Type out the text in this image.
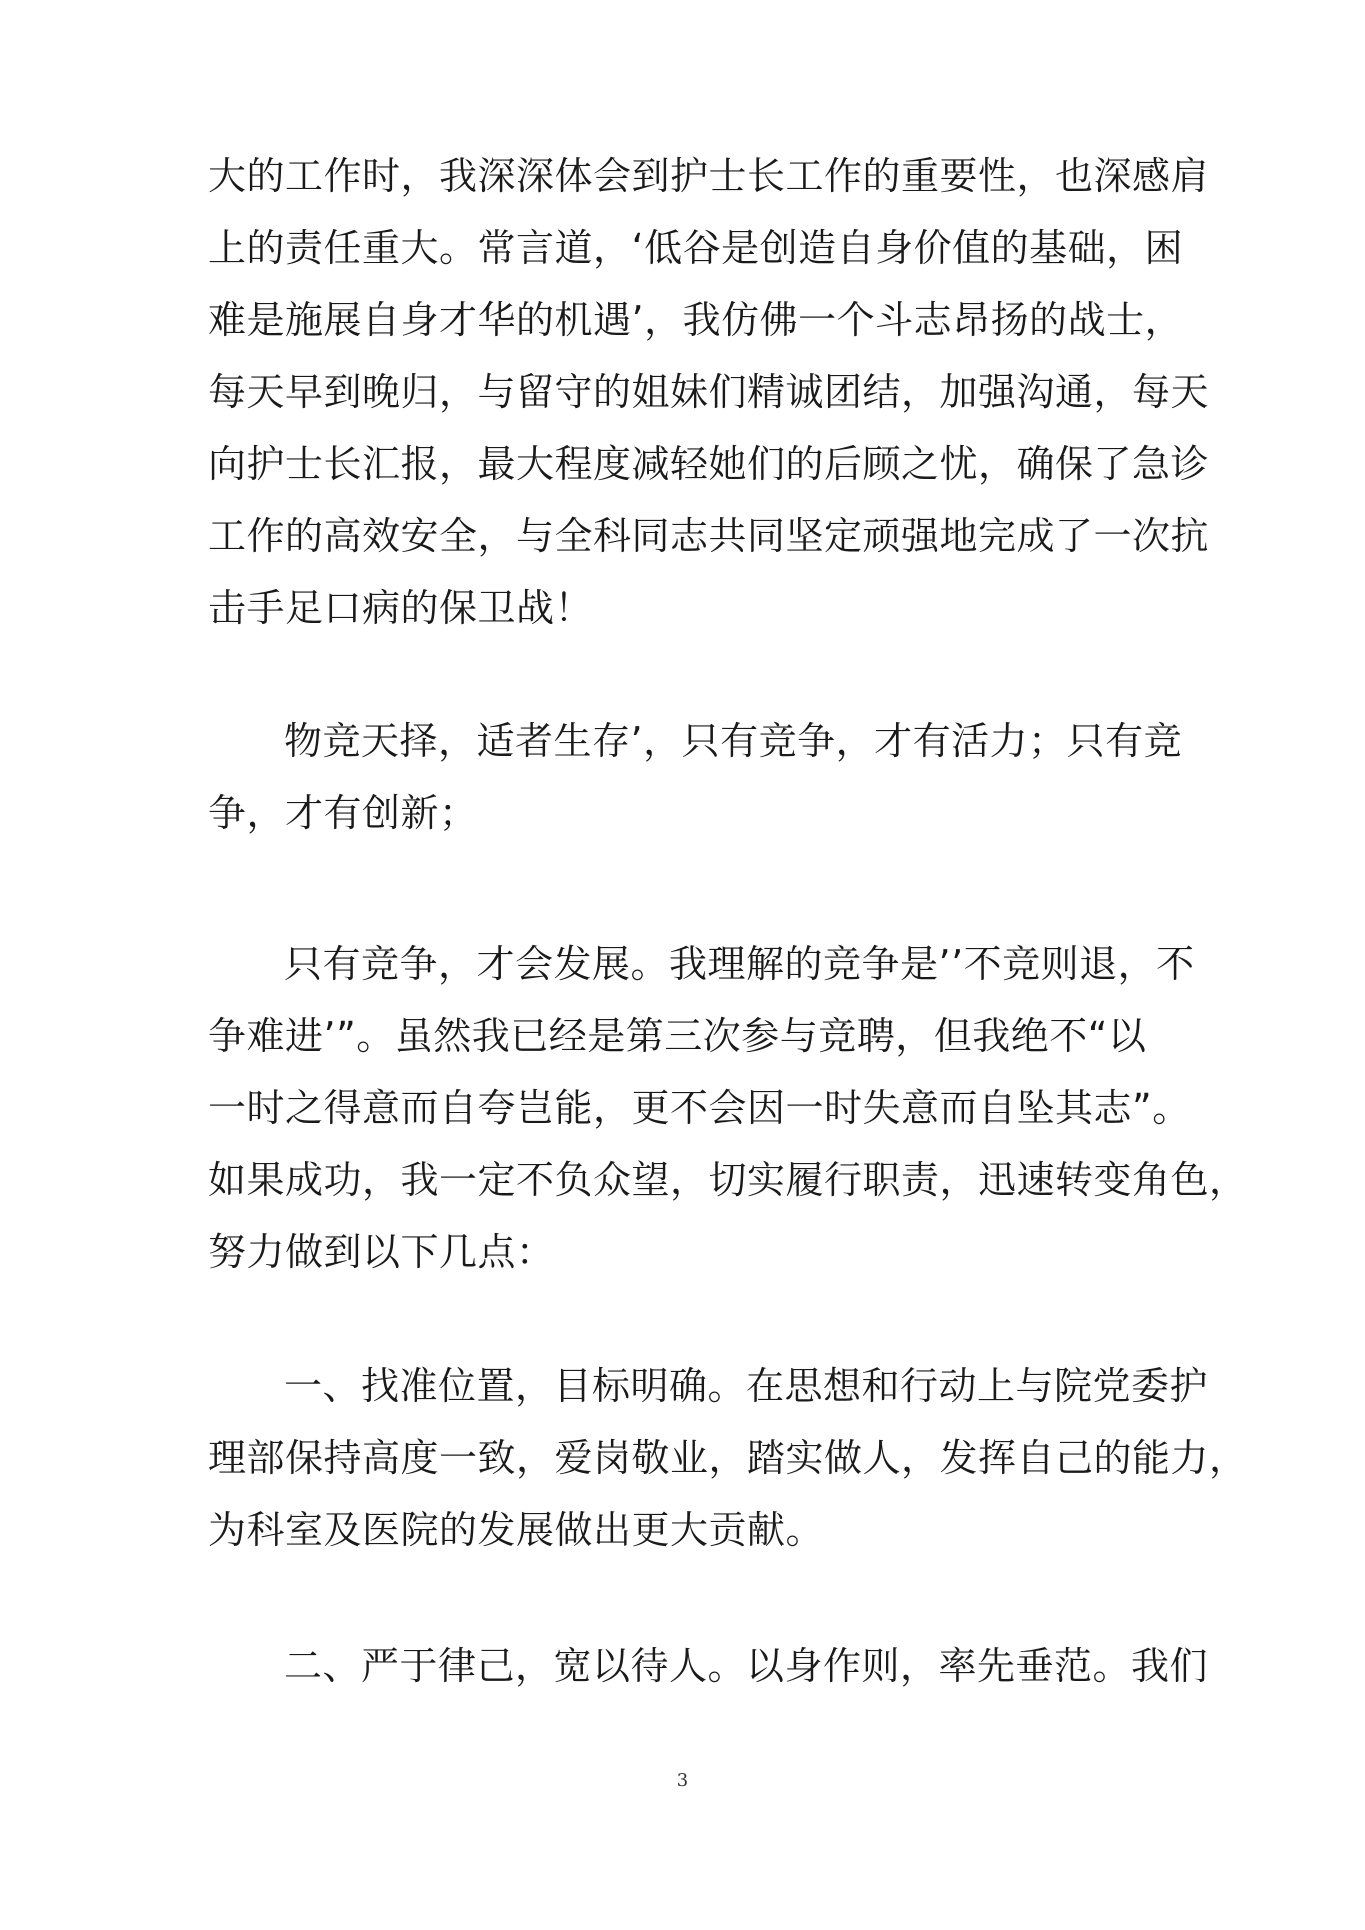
大的工作时，我深深体会到护士长工作的重要性，也深感肩
上的责任重大。常言道，‘低谷是创造自身价值的基础，困
难是施展自身才华的机遇’，我仿佛一个斗志昂扬的战士，
每天早到晚归，与留守的姐妹们精诚团结，加强沟通，每天
向护士长汇报，最大程度减轻她们的后顾之忧，确保了急诊
工作的高效安全，与全科同志共同坚定顽强地完成了一次抗
击手足口病的保卫战！
物竞天择，适者生存’，只有竞争，才有活力；只有竞
争，才有创新；
只有竞争，才会发展。我理解的竞争是’’不竞则退，不
争难进’”。虽然我已经是第三次参与竞聘，但我绝不“以
一时之得意而自夸岂能，更不会因一时失意而自坠其志”。
如果成功，我一定不负众望，切实履行职责，迅速转变角色，
努力做到以下几点：
一、找准位置，目标明确。在思想和行动上与院党委护
理部保持高度一致，爱岗敬业，踏实做人，发挥自己的能力，
为科室及医院的发展做出更大贡献。
二、严于律己，宽以待人。以身作则，率先垂范。我们
3
